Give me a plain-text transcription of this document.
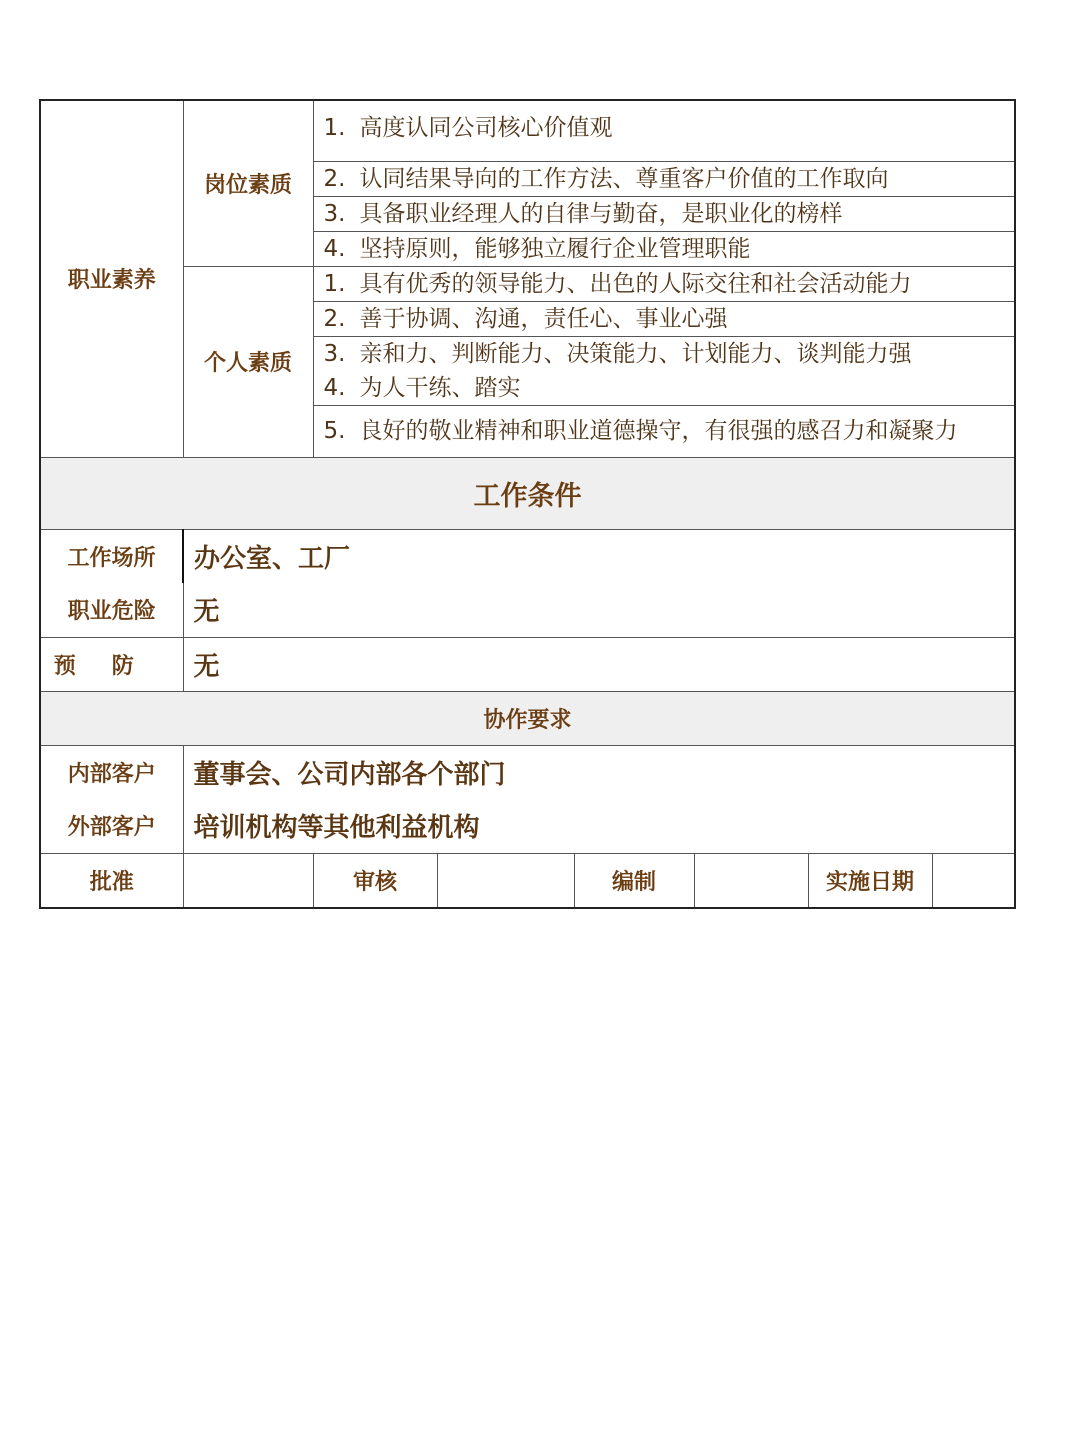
职业素养	岗位素质	1. 高度认同公司核心价值观					
		2. 认同结果导向的工作方法、尊重客户价值的工作取向					
		3. 具备职业经理人的自律与勤奋，是职业化的榜样					
		4. 坚持原则，能够独立履行企业管理职能					
	个人素质	1. 具有优秀的领导能力、出色的人际交往和社会活动能力					
		2. 善于协调、沟通，责任心、事业心强					
		3. 亲和力、判断能力、决策能力、计划能力、谈判能力强					
		4. 为人干练、踏实					
		5. 良好的敬业精神和职业道德操守，有很强的感召力和凝聚力					
工作条件							
工作场所	办公室、工厂						
职业危险	无						
预防	无						
协作要求							
内部客户	董事会、公司内部各个部门						
外部客户	培训机构等其他利益机构						
批准		审核		编制		实施日期	
